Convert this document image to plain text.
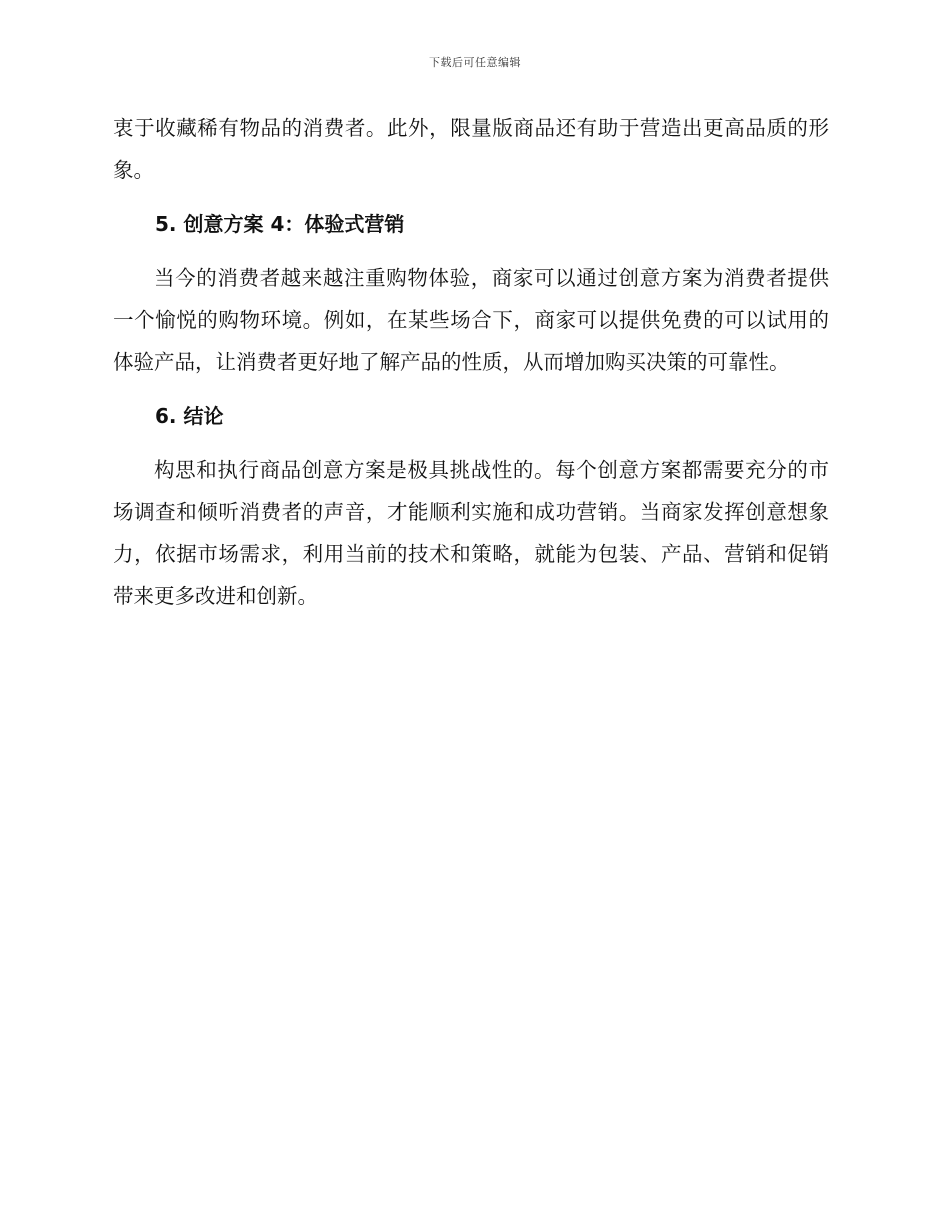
下载后可任意编辑

衷于收藏稀有物品的消费者。此外，限量版商品还有助于营造出更高品质的形象。

5. 创意方案 4：体验式营销

当今的消费者越来越注重购物体验，商家可以通过创意方案为消费者提供一个愉悦的购物环境。例如，在某些场合下，商家可以提供免费的可以试用的体验产品，让消费者更好地了解产品的性质，从而增加购买决策的可靠性。

6. 结论

构思和执行商品创意方案是极具挑战性的。每个创意方案都需要充分的市场调查和倾听消费者的声音，才能顺利实施和成功营销。当商家发挥创意想象力，依据市场需求，利用当前的技术和策略，就能为包装、产品、营销和促销带来更多改进和创新。
